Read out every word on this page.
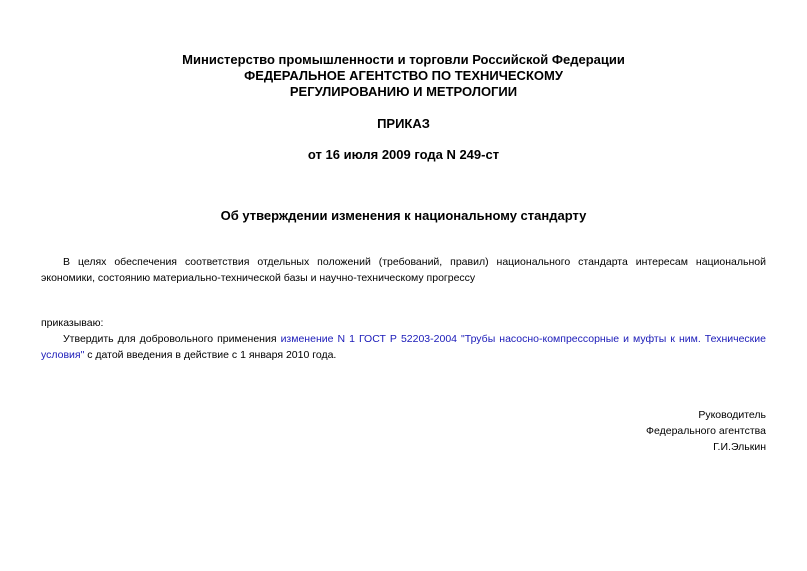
Министерство промышленности и торговли Российской Федерации
ФЕДЕРАЛЬНОЕ АГЕНТСТВО ПО ТЕХНИЧЕСКОМУ
РЕГУЛИРОВАНИЮ И МЕТРОЛОГИИ
ПРИКАЗ
от 16 июля 2009 года N 249-ст
Об утверждении изменения к национальному стандарту
В целях обеспечения соответствия отдельных положений (требований, правил) национального стандарта интересам национальной экономики, состоянию материально-технической базы и научно-техническому прогрессу
приказываю:
Утвердить для добровольного применения изменение N 1 ГОСТ Р 52203-2004 "Трубы насосно-компрессорные и муфты к ним. Технические условия" с датой введения в действие с 1 января 2010 года.
Руководитель
Федерального агентства
Г.И.Элькин
